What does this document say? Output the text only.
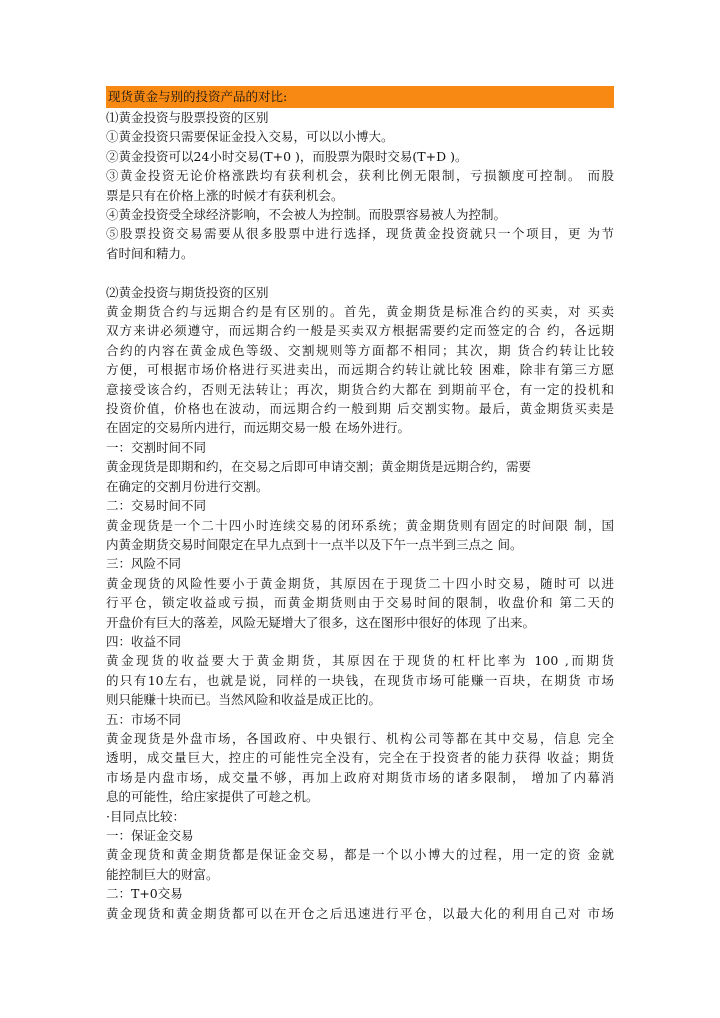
现货黄金与别的投资产品的对比:
⑴黄金投资与股票投资的区别
①黄金投资只需要保证金投入交易，可以以小博大。
②黄金投资可以24小时交易(T+0 )，而股票为限时交易(T+D )。
③黄金投资无论价格涨跌均有获利机会，获利比例无限制，亏损额度可控制。 而股
票是只有在价格上涨的时候才有获利机会。
④黄金投资受全球经济影响，不会被人为控制。而股票容易被人为控制。
⑤股票投资交易需要从很多股票中进行选择，现货黄金投资就只一个项目，更 为节
省时间和精力。
⑵黄金投资与期货投资的区别
黄金期货合约与远期合约是有区别的。首先，黄金期货是标准合约的买卖，对 买卖
双方来讲必须遵守，而远期合约一般是买卖双方根据需要约定而签定的合 约，各远期
合约的内容在黄金成色等级、交割规则等方面都不相同；其次，期 货合约转让比较
方便，可根据市场价格进行买进卖出，而远期合约转让就比较 困难，除非有第三方愿
意接受该合约，否则无法转让；再次，期货合约大都在 到期前平仓，有一定的投机和
投资价值，价格也在波动，而远期合约一般到期 后交割实物。最后，黄金期货买卖是
在固定的交易所内进行，而远期交易一般 在场外进行。
一：交割时间不同
黄金现货是即期和约，在交易之后即可申请交割；黄金期货是远期合约，需要
在确定的交割月份进行交割。
二：交易时间不同
黄金现货是一个二十四小时连续交易的闭环系统；黄金期货则有固定的时间限 制，国
内黄金期货交易时间限定在早九点到十一点半以及下午一点半到三点之 间。
三：风险不同
黄金现货的风险性要小于黄金期货，其原因在于现货二十四小时交易，随时可 以进
行平仓，锁定收益或亏损，而黄金期货则由于交易时间的限制，收盘价和 第二天的
开盘价有巨大的落差，风险无疑增大了很多，这在图形中很好的体现 了出来。
四：收益不同
黄金现货的收益要大于黄金期货，其原因在于现货的杠杆比率为 100 ,而期货
的只有10左右，也就是说，同样的一块钱，在现货市场可能赚一百块，在期货 市场
则只能赚十块而已。当然风险和收益是成正比的。
五：市场不同
黄金现货是外盘市场，各国政府、中央银行、机构公司等都在其中交易，信息 完全
透明，成交量巨大，控庄的可能性完全没有，完全在于投资者的能力获得 收益；期货
市场是内盘市场，成交量不够，再加上政府对期货市场的诸多限制， 增加了内幕消
息的可能性，给庄家提供了可趁之机。
·目同点比较：
一：保证金交易
黄金现货和黄金期货都是保证金交易，都是一个以小博大的过程，用一定的资 金就
能控制巨大的财富。
二：T+0交易
黄金现货和黄金期货都可以在开仓之后迅速进行平仓，以最大化的利用自己对 市场
